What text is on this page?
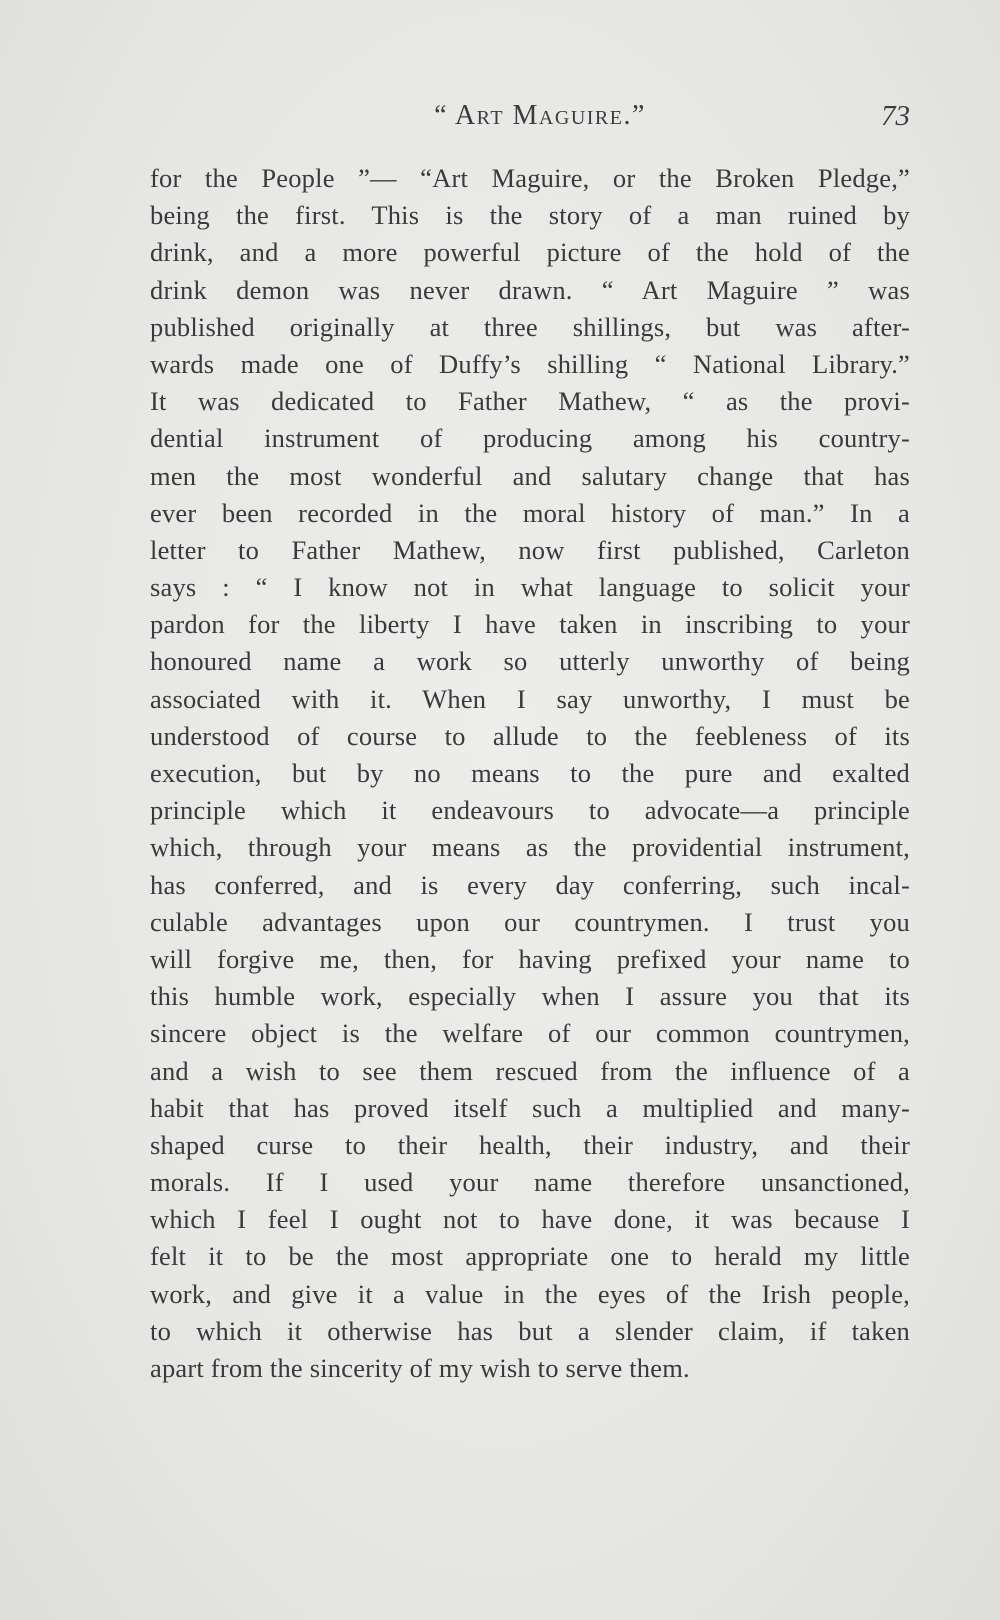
“ Art Maguire.”	73
for the People ”— “Art Maguire, or the Broken Pledge,”
being the first. This is the story of a man ruined by
drink, and a more powerful picture of the hold of the
drink demon was never drawn. “ Art Maguire ” was
published originally at three shillings, but was after-
wards made one of Duffy’s shilling “ National Library.”
It was dedicated to Father Mathew, “ as the provi-
dential instrument of producing among his country-
men the most wonderful and salutary change that has
ever been recorded in the moral history of man.” In a
letter to Father Mathew, now first published, Carleton
says : “ I know not in what language to solicit your
pardon for the liberty I have taken in inscribing to your
honoured name a work so utterly unworthy of being
associated with it. When I say unworthy, I must be
understood of course to allude to the feebleness of its
execution, but by no means to the pure and exalted
principle which it endeavours to advocate—a principle
which, through your means as the providential instrument,
has conferred, and is every day conferring, such incal-
culable advantages upon our countrymen. I trust you
will forgive me, then, for having prefixed your name to
this humble work, especially when I assure you that its
sincere object is the welfare of our common countrymen,
and a wish to see them rescued from the influence of a
habit that has proved itself such a multiplied and many-
shaped curse to their health, their industry, and their
morals. If I used your name therefore unsanctioned,
which I feel I ought not to have done, it was because I
felt it to be the most appropriate one to herald my little
work, and give it a value in the eyes of the Irish people,
to which it otherwise has but a slender claim, if taken
apart from the sincerity of my wish to serve them.
